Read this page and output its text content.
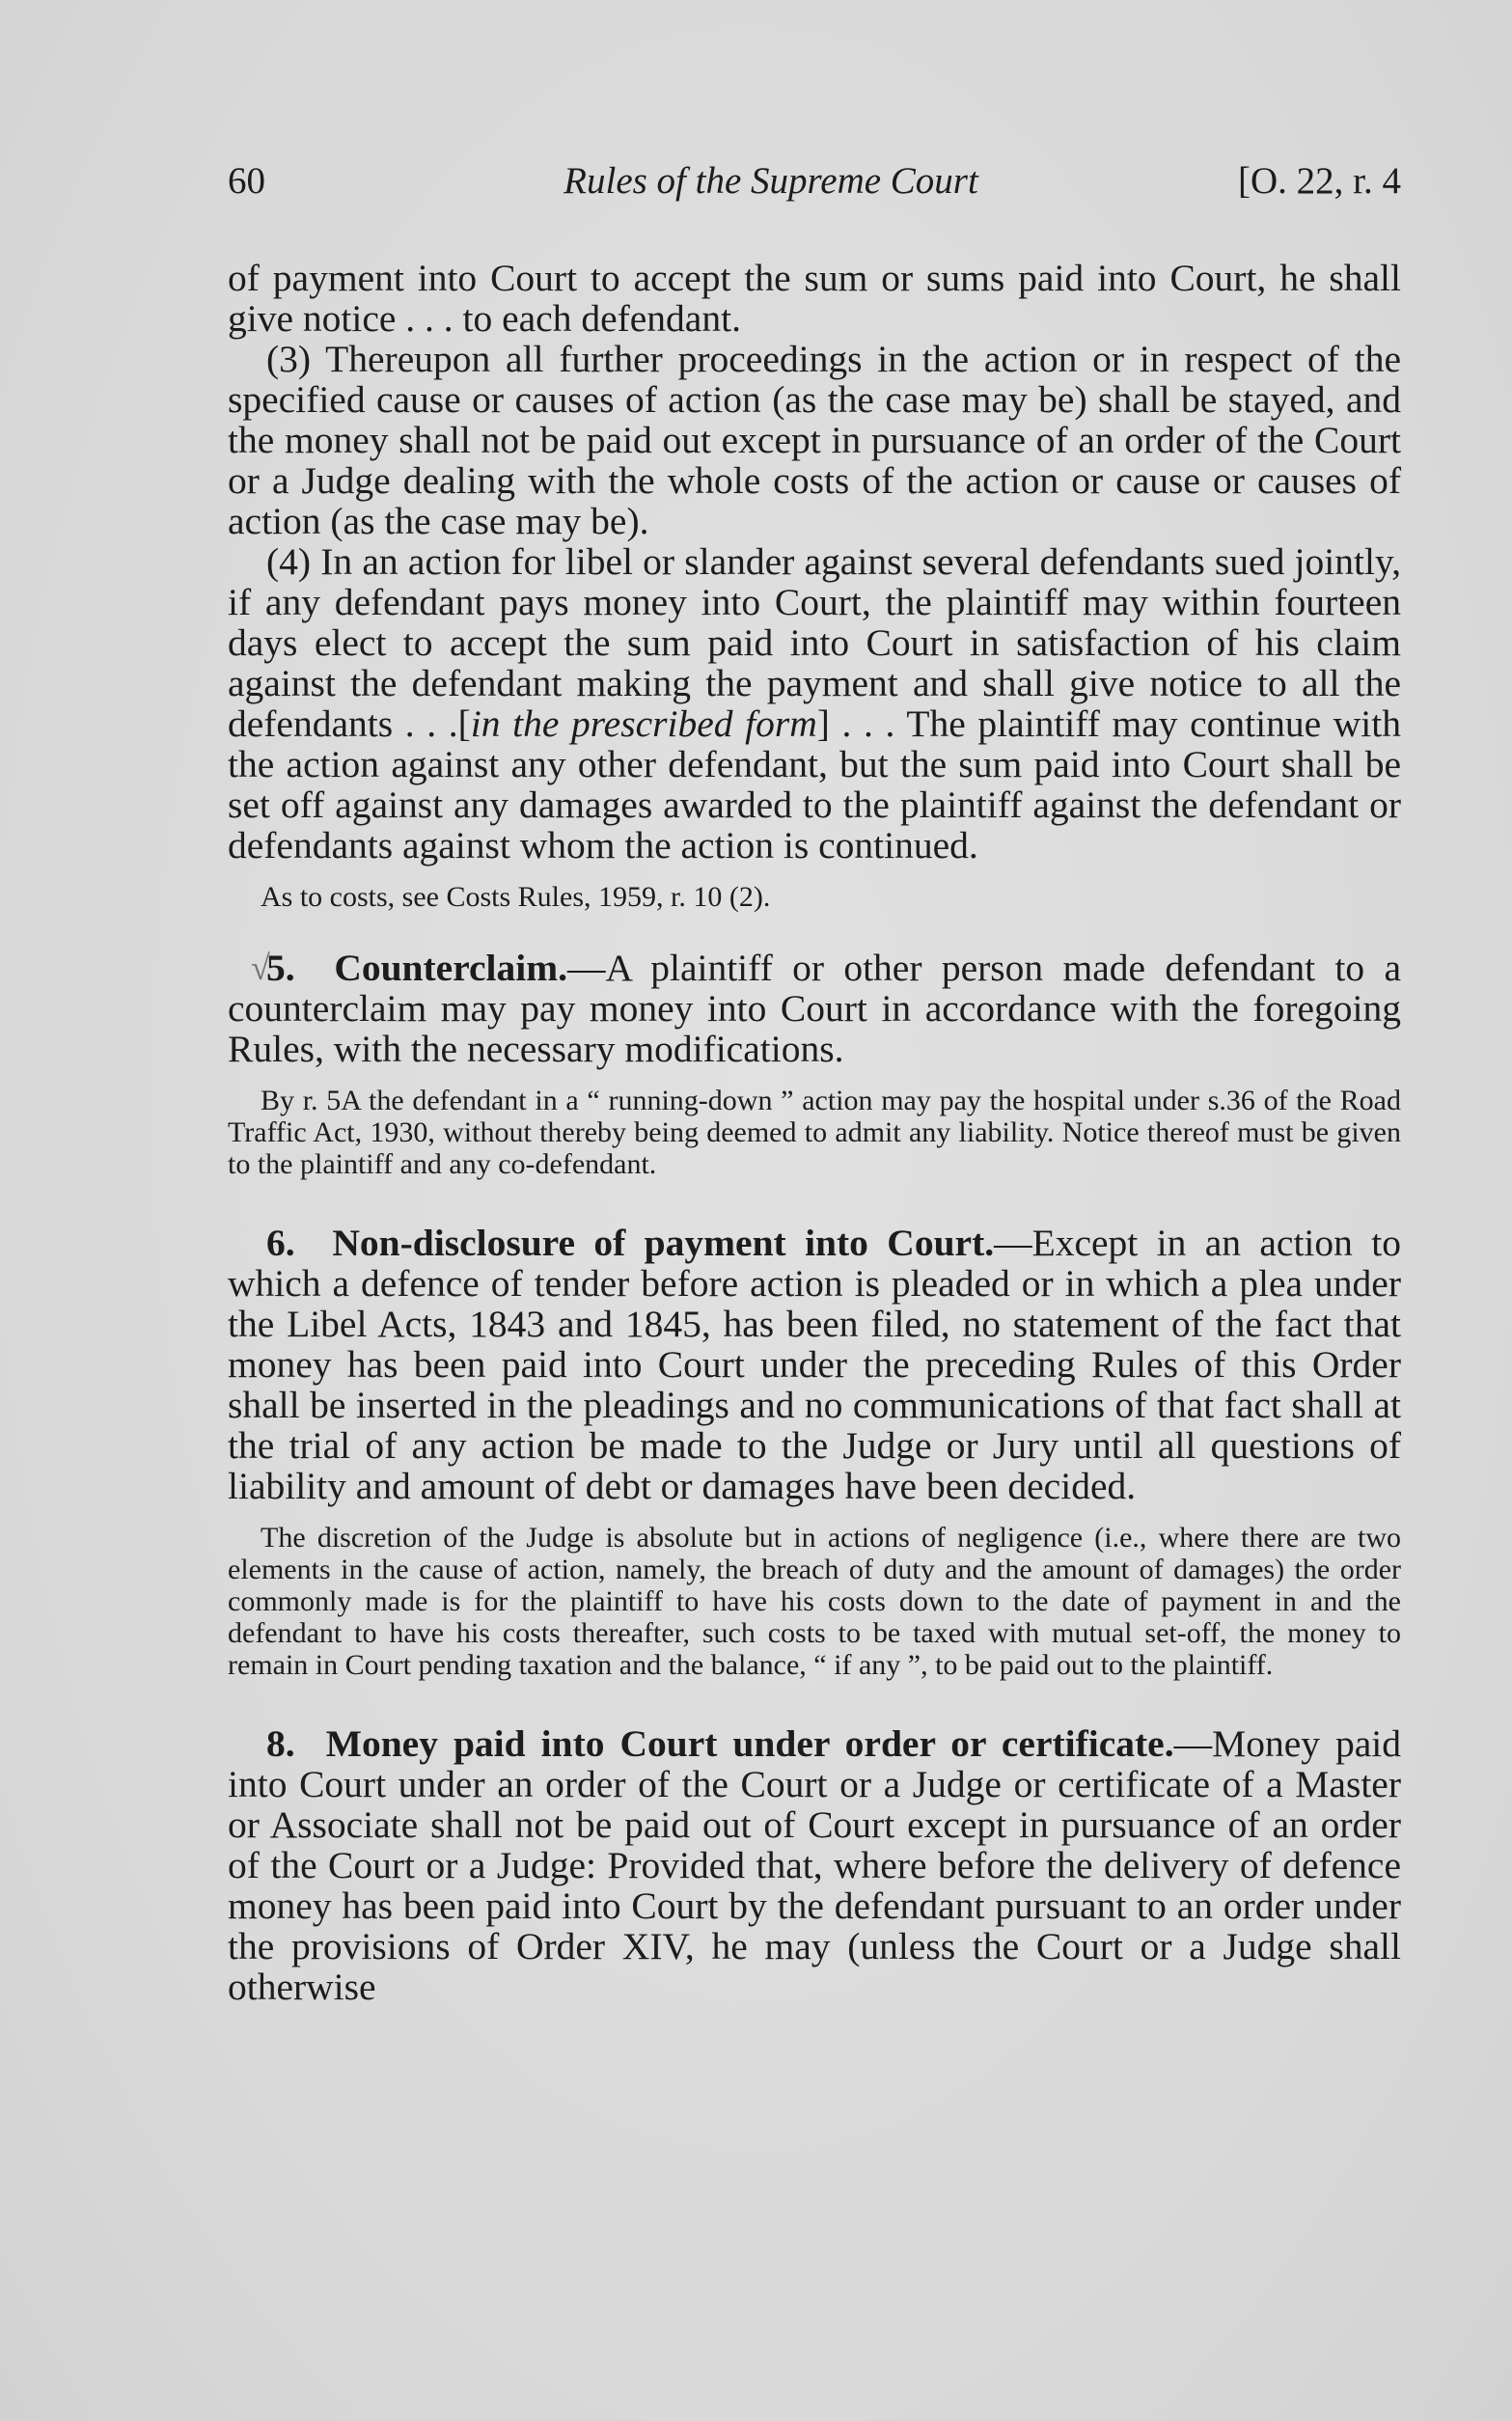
60	Rules of the Supreme Court	[O. 22, r. 4

of payment into Court to accept the sum or sums paid into Court, he shall give notice . . . to each defendant.

(3) Thereupon all further proceedings in the action or in respect of the specified cause or causes of action (as the case may be) shall be stayed, and the money shall not be paid out except in pursuance of an order of the Court or a Judge dealing with the whole costs of the action or cause or causes of action (as the case may be).

(4) In an action for libel or slander against several defendants sued jointly, if any defendant pays money into Court, the plaintiff may within fourteen days elect to accept the sum paid into Court in satisfaction of his claim against the defendant making the payment and shall give notice to all the defendants . . .[in the prescribed form] . . . The plaintiff may continue with the action against any other defendant, but the sum paid into Court shall be set off against any damages awarded to the plaintiff against the defendant or defendants against whom the action is continued.

As to costs, see Costs Rules, 1959, r. 10 (2).

√
5. Counterclaim.—A plaintiff or other person made defendant to a counterclaim may pay money into Court in accordance with the foregoing Rules, with the necessary modifications.

By r. 5A the defendant in a “ running-down ” action may pay the hospital under s.36 of the Road Traffic Act, 1930, without thereby being deemed to admit any liability. Notice thereof must be given to the plaintiff and any co-defendant.

6. Non-disclosure of payment into Court.—Except in an action to which a defence of tender before action is pleaded or in which a plea under the Libel Acts, 1843 and 1845, has been filed, no statement of the fact that money has been paid into Court under the preceding Rules of this Order shall be inserted in the pleadings and no communications of that fact shall at the trial of any action be made to the Judge or Jury until all questions of liability and amount of debt or damages have been decided.

The discretion of the Judge is absolute but in actions of negligence (i.e., where there are two elements in the cause of action, namely, the breach of duty and the amount of damages) the order commonly made is for the plaintiff to have his costs down to the date of payment in and the defendant to have his costs thereafter, such costs to be taxed with mutual set-off, the money to remain in Court pending taxation and the balance, “ if any ”, to be paid out to the plaintiff.

8. Money paid into Court under order or certificate.—Money paid into Court under an order of the Court or a Judge or certificate of a Master or Associate shall not be paid out of Court except in pursuance of an order of the Court or a Judge: Provided that, where before the delivery of defence money has been paid into Court by the defendant pursuant to an order under the provisions of Order XIV, he may (unless the Court or a Judge shall otherwise
